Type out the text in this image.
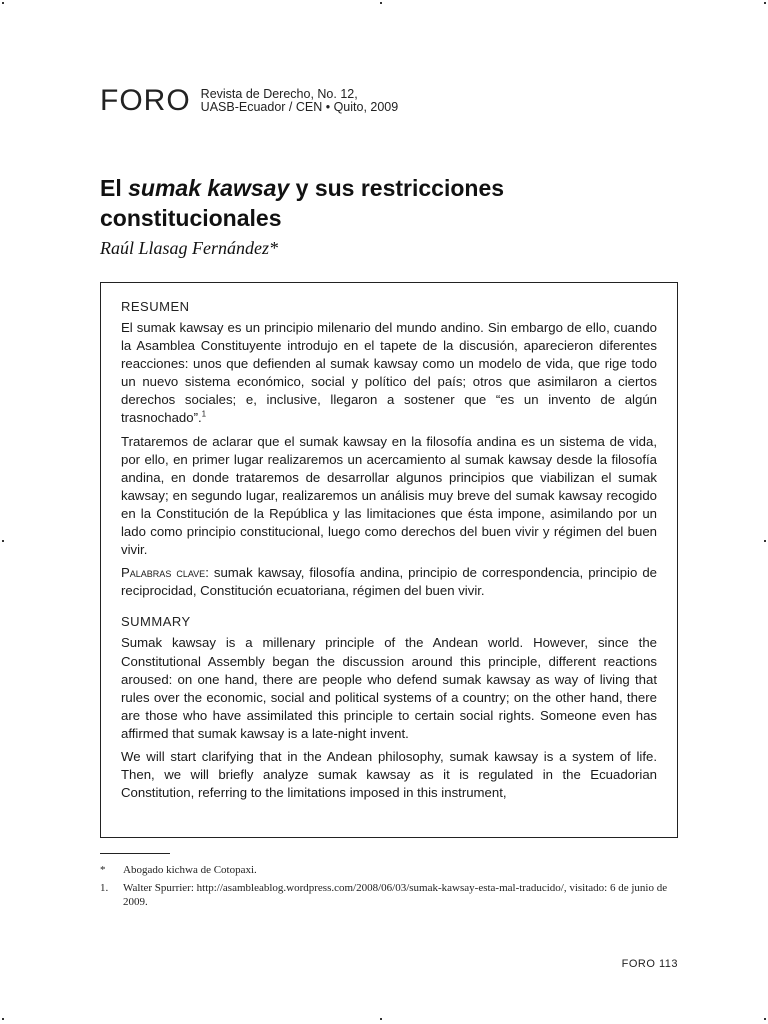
FORO Revista de Derecho, No. 12,
UASB-Ecuador / CEN • Quito, 2009
El sumak kawsay y sus restricciones constitucionales
Raúl Llasag Fernández*
RESUMEN

El sumak kawsay es un principio milenario del mundo andino. Sin embargo de ello, cuando la Asamblea Constituyente introdujo en el tapete de la discusión, aparecieron diferentes reacciones: unos que defienden al sumak kawsay como un modelo de vida, que rige todo un nuevo sistema económico, social y político del país; otros que asimilaron a ciertos derechos sociales; e, inclusive, llegaron a sostener que “es un invento de algún trasnochado”.$^1$

Trataremos de aclarar que el sumak kawsay en la filosofía andina es un sistema de vida, por ello, en primer lugar realizaremos un acercamiento al sumak kawsay desde la filosofía andina, en donde trataremos de desarrollar algunos principios que viabilizan el sumak kawsay; en segundo lugar, realizaremos un análisis muy breve del sumak kawsay recogido en la Constitución de la República y las limitaciones que ésta impone, asimilando por un lado como principio constitucional, luego como derechos del buen vivir y régimen del buen vivir.

Palabras clave: sumak kawsay, filosofía andina, principio de correspondencia, principio de reciprocidad, Constitución ecuatoriana, régimen del buen vivir.

SUMMARY

Sumak kawsay is a millenary principle of the Andean world. However, since the Constitutional Assembly began the discussion around this principle, different reactions aroused: on one hand, there are people who defend sumak kawsay as way of living that rules over the economic, social and political systems of a country; on the other hand, there are those who have assimilated this principle to certain social rights. Someone even has affirmed that sumak kawsay is a late-night invent.

We will start clarifying that in the Andean philosophy, sumak kawsay is a system of life. Then, we will briefly analyze sumak kawsay as it is regulated in the Ecuadorian Constitution, referring to the limitations imposed in this instrument,

*	Abogado kichwa de Cotopaxi.
1.	Walter Spurrier: http://asambleablog.wordpress.com/2008/06/03/sumak-kawsay-esta-mal-traducido/, visitado: 6 de junio de 2009.
FORO 113
